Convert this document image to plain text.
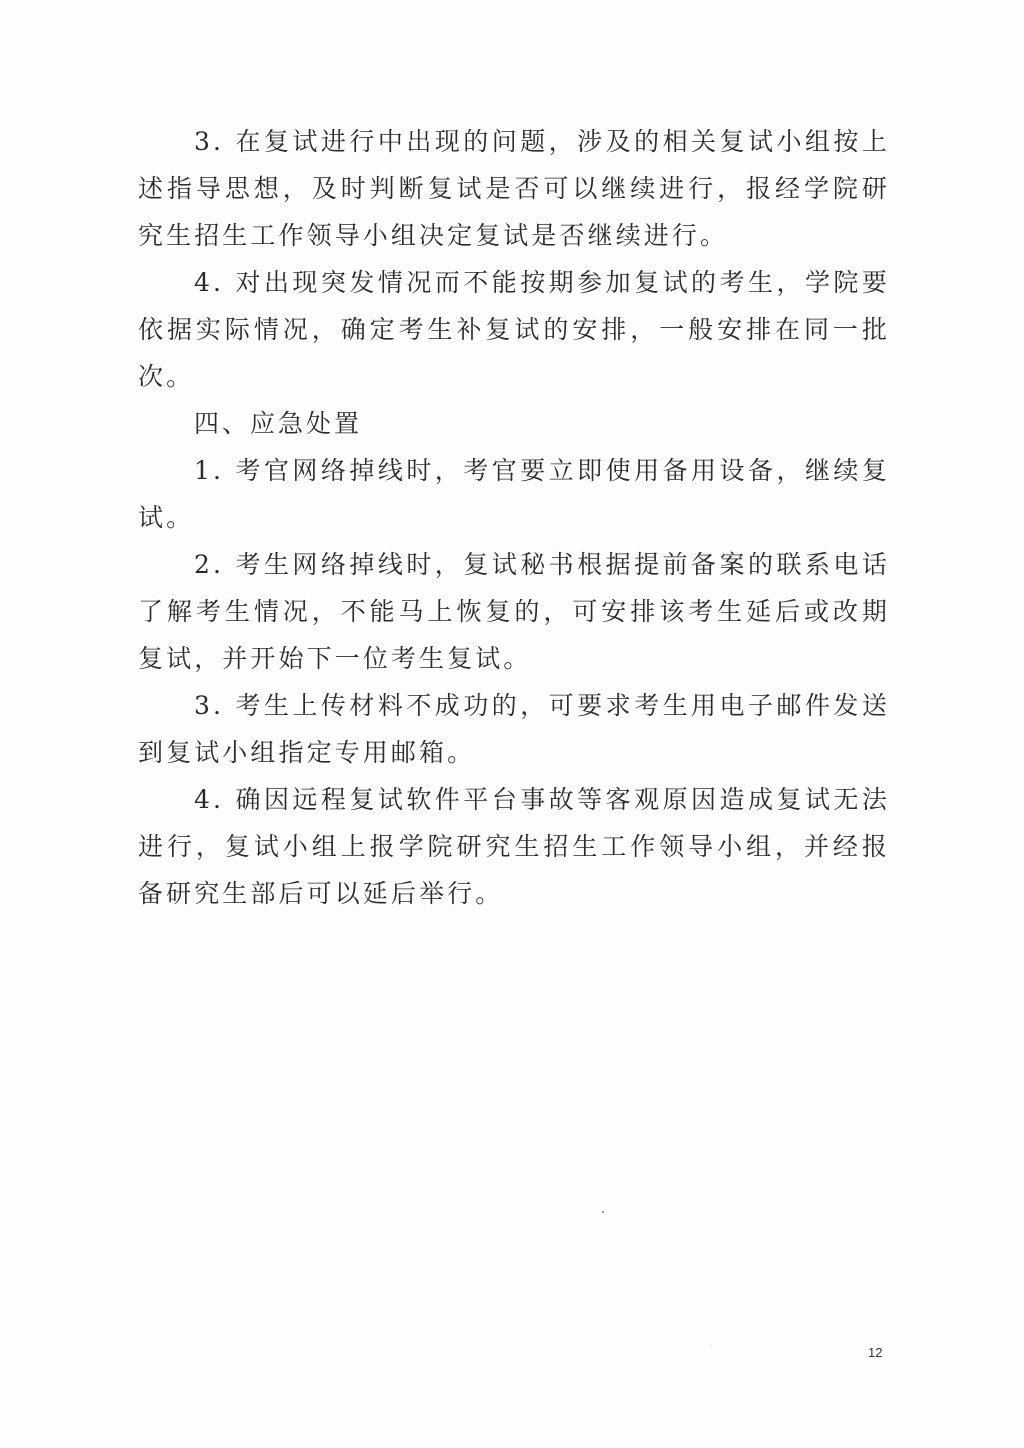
3. 在复试进行中出现的问题，涉及的相关复试小组按上述指导思想，及时判断复试是否可以继续进行，报经学院研究生招生工作领导小组决定复试是否继续进行。

4. 对出现突发情况而不能按期参加复试的考生，学院要依据实际情况，确定考生补复试的安排，一般安排在同一批次。

四、应急处置

1. 考官网络掉线时，考官要立即使用备用设备，继续复试。

2. 考生网络掉线时，复试秘书根据提前备案的联系电话了解考生情况，不能马上恢复的，可安排该考生延后或改期复试，并开始下一位考生复试。

3. 考生上传材料不成功的，可要求考生用电子邮件发送到复试小组指定专用邮箱。

4. 确因远程复试软件平台事故等客观原因造成复试无法进行，复试小组上报学院研究生招生工作领导小组，并经报备研究生部后可以延后举行。

12
